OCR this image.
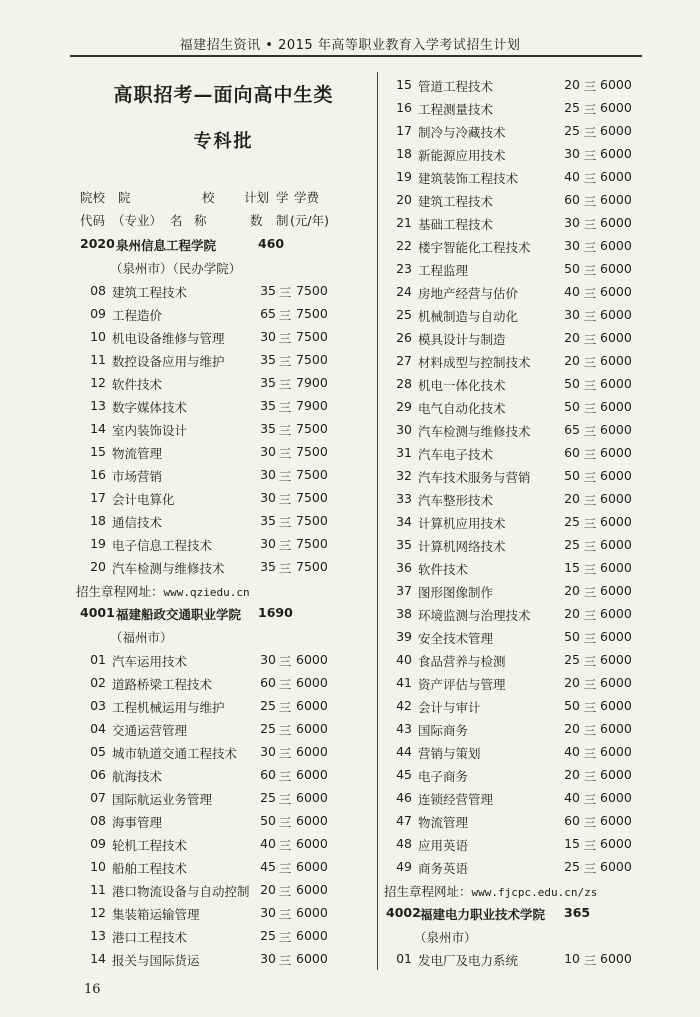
福建招生资讯 • 2015 年高等职业教育入学考试招生计划
高职招考—面向高中生类
专科批
院校 院	校 计划 学 学费
代码 （专业） 名 称	数 制 (元/年)
2020 泉州信息工程学院	460
（泉州市）（民办学院）
08 建筑工程技术	35 三 7500
09 工程造价	65 三 7500
10 机电设备维修与管理	30 三 7500
11 数控设备应用与维护	35 三 7500
12 软件技术	35 三 7900
13 数字媒体技术	35 三 7900
14 室内装饰设计	35 三 7500
15 物流管理	30 三 7500
16 市场营销	30 三 7500
17 会计电算化	30 三 7500
18 通信技术	35 三 7500
19 电子信息工程技术	30 三 7500
20 汽车检测与维修技术	35 三 7500
招生章程网址：www.qziedu.cn
4001 福建船政交通职业学院 1690
（福州市）
01 汽车运用技术	30 三 6000
02 道路桥梁工程技术	60 三 6000
03 工程机械运用与维护	25 三 6000
04 交通运营管理	25 三 6000
05 城市轨道交通工程技术	30 三 6000
06 航海技术	60 三 6000
07 国际航运业务管理	25 三 6000
08 海事管理	50 三 6000
09 轮机工程技术	40 三 6000
10 船舶工程技术	45 三 6000
11 港口物流设备与自动控制 20 三 6000
12 集装箱运输管理	30 三 6000
13 港口工程技术	25 三 6000
14 报关与国际货运	30 三 6000
15 管道工程技术	20 三 6000
16 工程测量技术	25 三 6000
17 制冷与冷藏技术	25 三 6000
18 新能源应用技术	30 三 6000
19 建筑装饰工程技术	40 三 6000
20 建筑工程技术	60 三 6000
21 基础工程技术	30 三 6000
22 楼宇智能化工程技术	30 三 6000
23 工程监理	50 三 6000
24 房地产经营与估价	40 三 6000
25 机械制造与自动化	30 三 6000
26 模具设计与制造	20 三 6000
27 材料成型与控制技术	20 三 6000
28 机电一体化技术	50 三 6000
29 电气自动化技术	50 三 6000
30 汽车检测与维修技术	65 三 6000
31 汽车电子技术	60 三 6000
32 汽车技术服务与营销	50 三 6000
33 汽车整形技术	20 三 6000
34 计算机应用技术	25 三 6000
35 计算机网络技术	25 三 6000
36 软件技术	15 三 6000
37 图形图像制作	20 三 6000
38 环境监测与治理技术	20 三 6000
39 安全技术管理	50 三 6000
40 食品营养与检测	25 三 6000
41 资产评估与管理	20 三 6000
42 会计与审计	50 三 6000
43 国际商务	20 三 6000
44 营销与策划	40 三 6000
45 电子商务	20 三 6000
46 连锁经营管理	40 三 6000
47 物流管理	60 三 6000
48 应用英语	15 三 6000
49 商务英语	25 三 6000
招生章程网址：www.fjcpc.edu.cn/zs
4002 福建电力职业技术学院 365
（泉州市）
01 发电厂及电力系统	10 三 6000
16
